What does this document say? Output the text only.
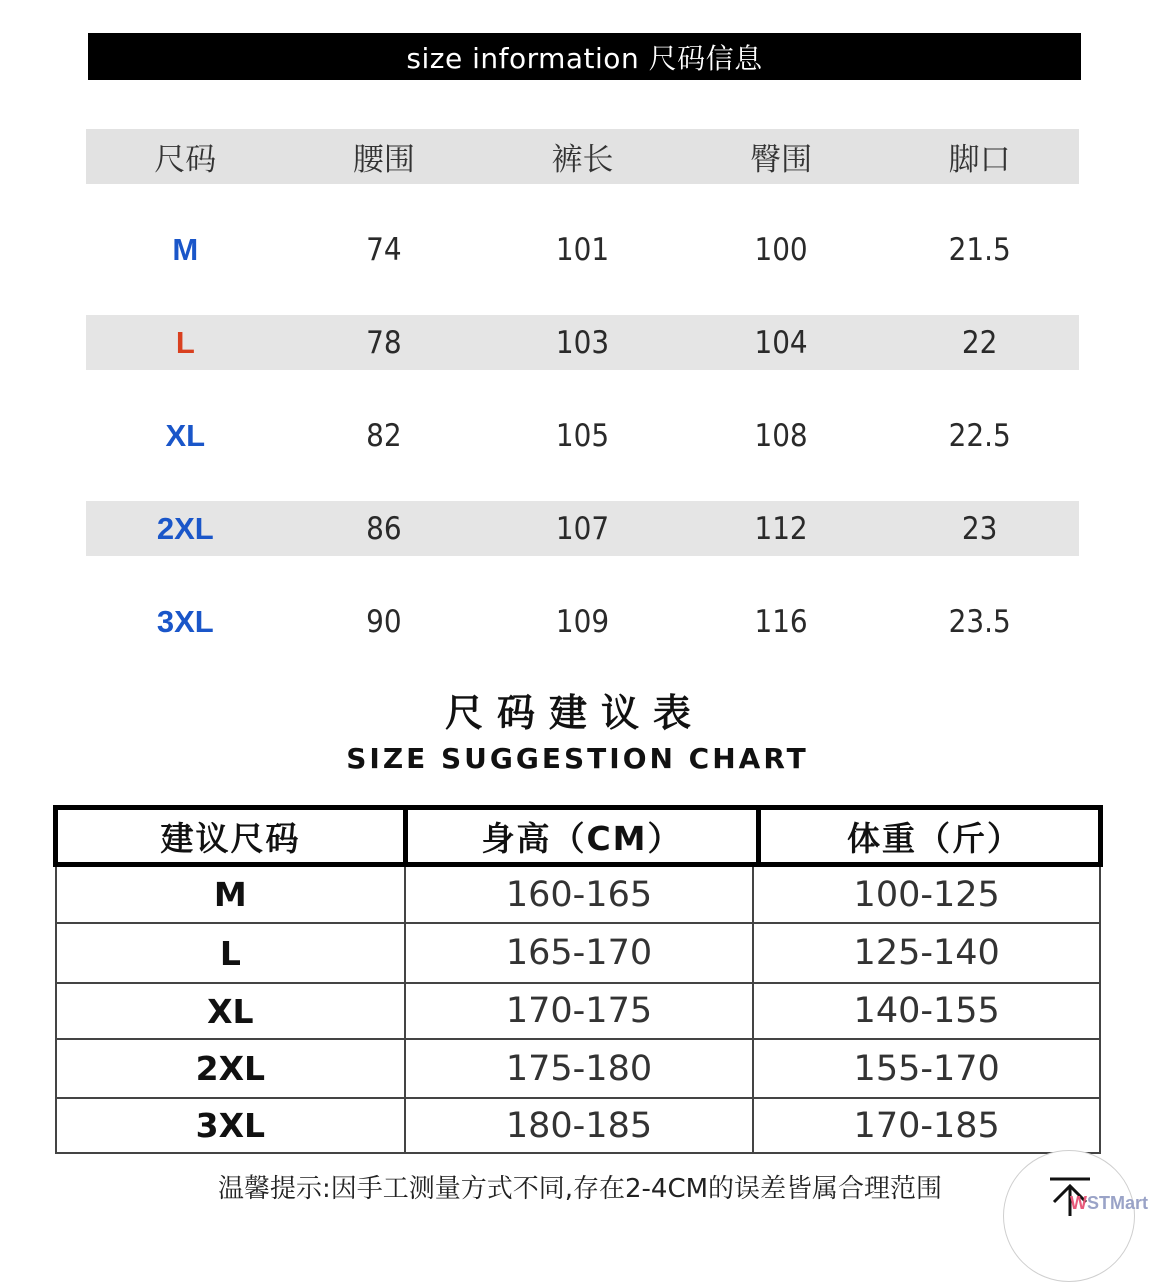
size information 尺码信息
尺码	腰围	裤长	臀围	脚口
M	74	101	100	21.5
L	78	103	104	22
XL	82	105	108	22.5
2XL	86	107	112	23
3XL	90	109	116	23.5
尺码建议表
SIZE SUGGESTION CHART
建议尺码	身高（CM）	体重（斤）
M	160-165	100-125
L	165-170	125-140
XL	170-175	140-155
2XL	175-180	155-170
3XL	180-185	170-185
温馨提示:因手工测量方式不同,存在2-4CM的误差皆属合理范围	WSTMart
